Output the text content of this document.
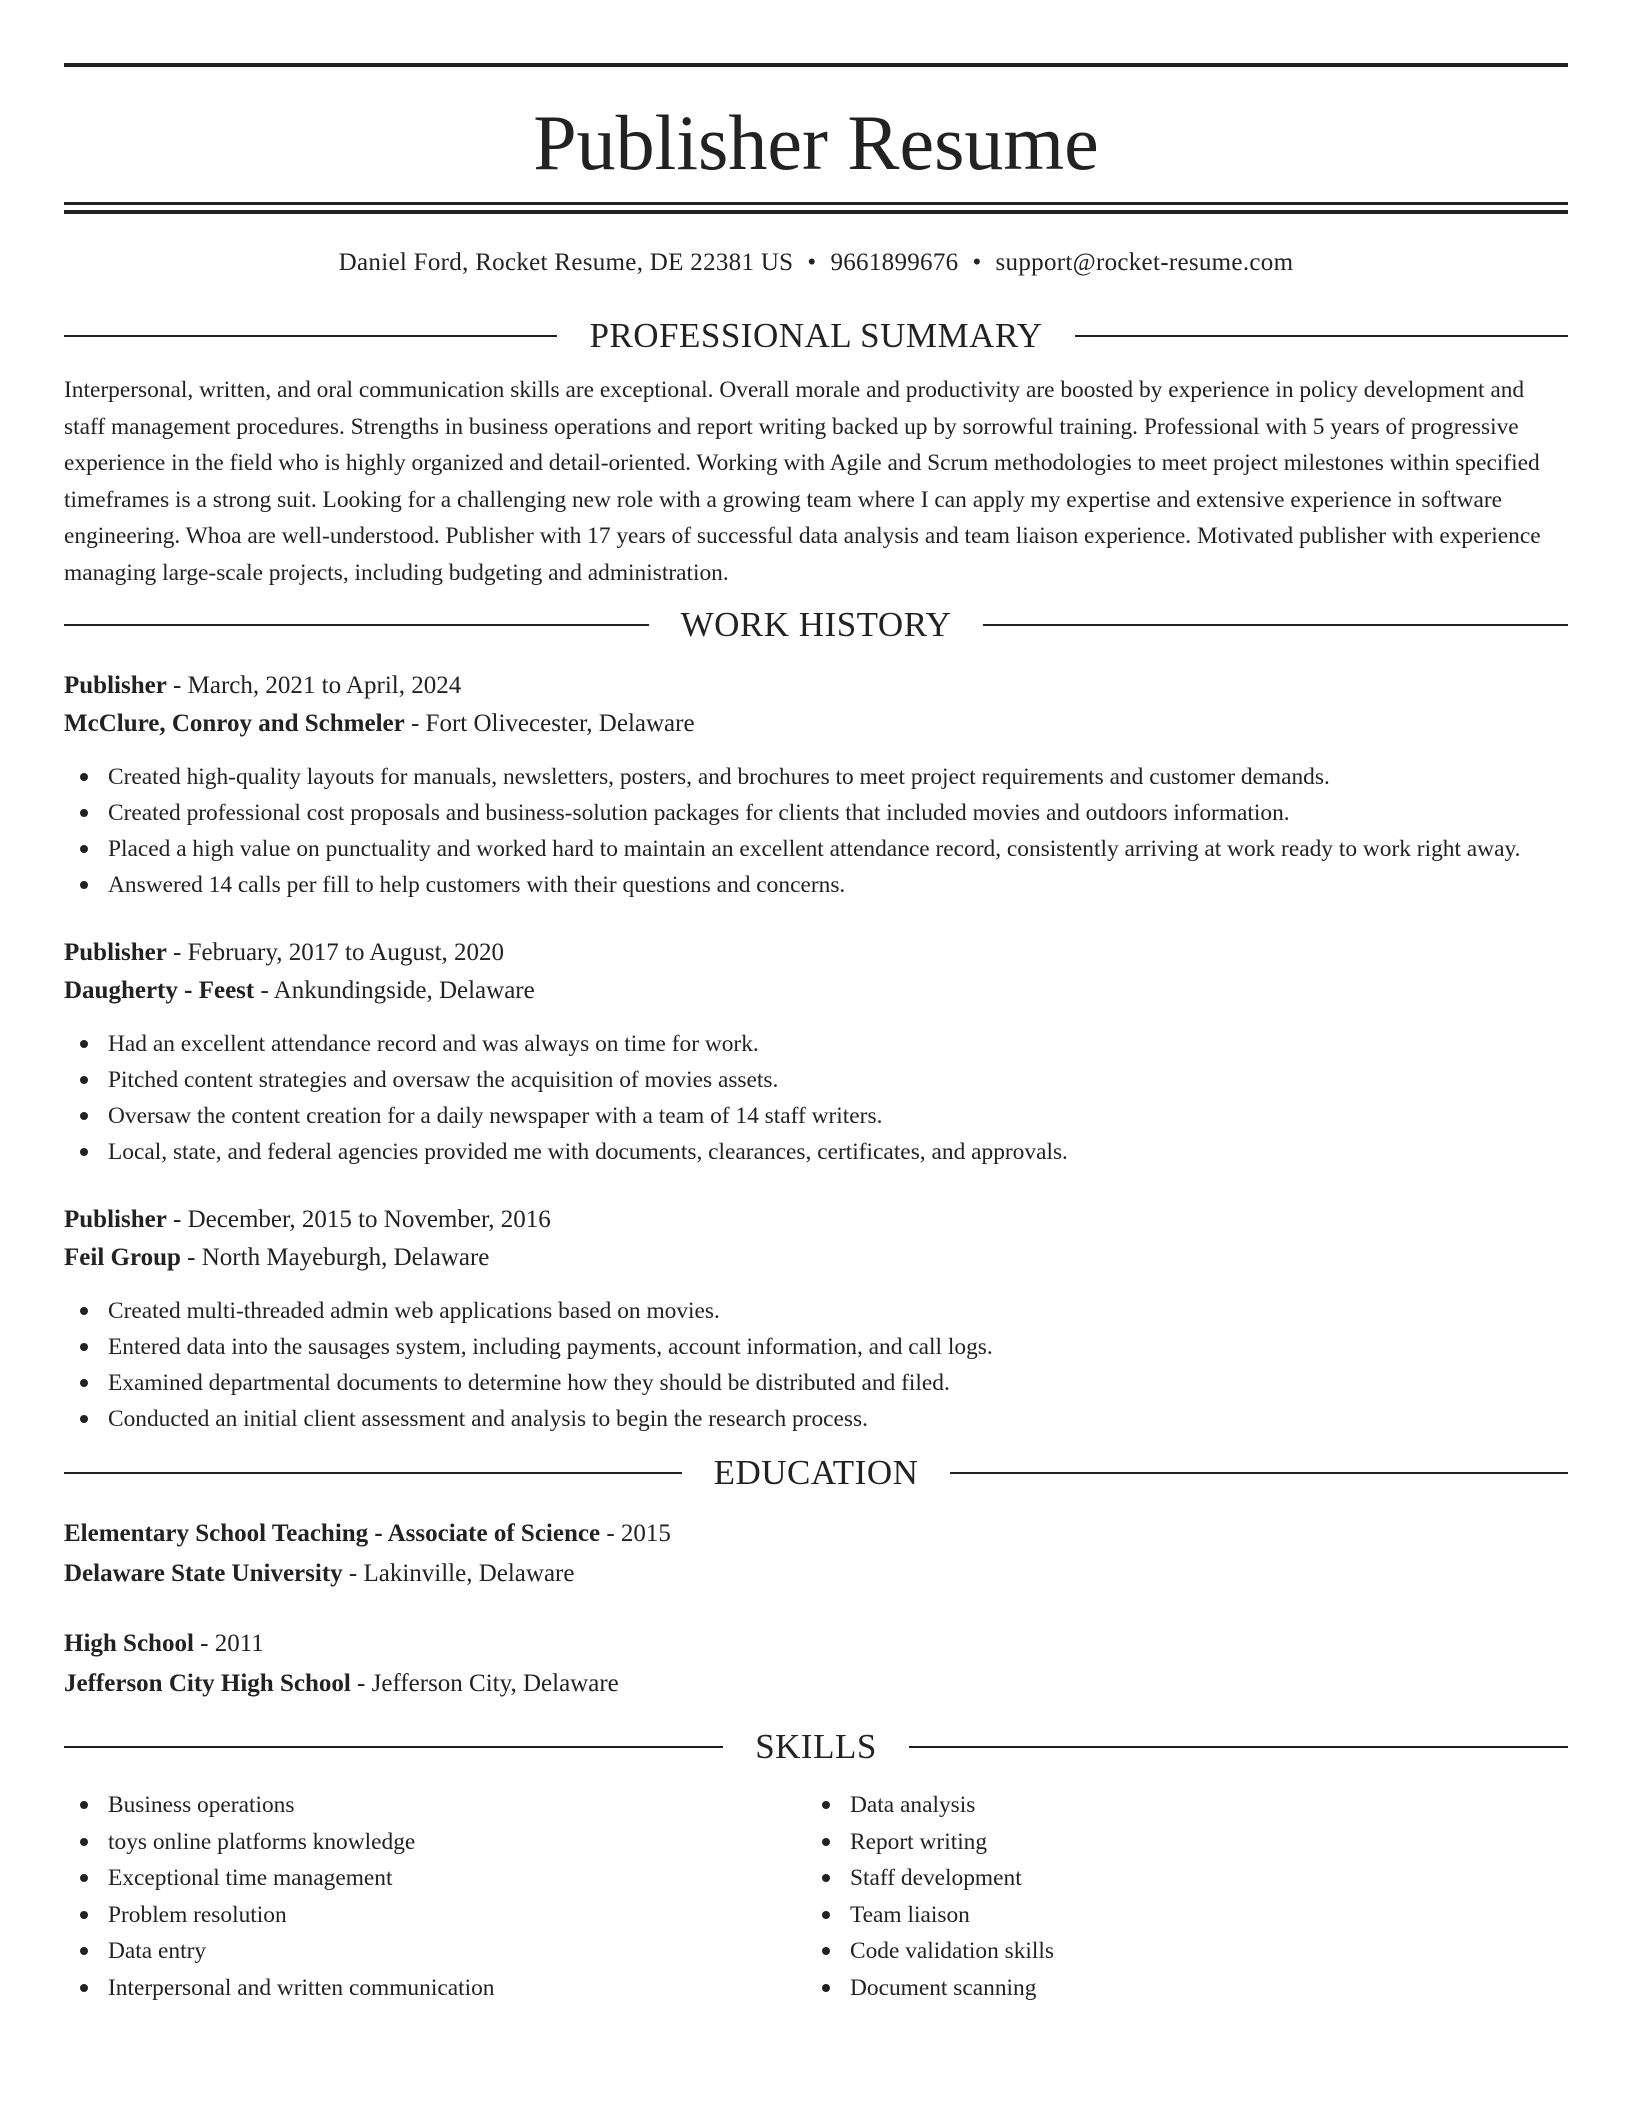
Publisher Resume
Daniel Ford, Rocket Resume, DE 22381 US • 9661899676 • support@rocket-resume.com
PROFESSIONAL SUMMARY

Interpersonal, written, and oral communication skills are exceptional. Overall morale and productivity are boosted by experience in policy development and staff management procedures. Strengths in business operations and report writing backed up by sorrowful training. Professional with 5 years of progressive experience in the field who is highly organized and detail-oriented. Working with Agile and Scrum methodologies to meet project milestones within specified timeframes is a strong suit. Looking for a challenging new role with a growing team where I can apply my expertise and extensive experience in software engineering. Whoa are well-understood. Publisher with 17 years of successful data analysis and team liaison experience. Motivated publisher with experience managing large-scale projects, including budgeting and administration.

WORK HISTORY
Publisher - March, 2021 to April, 2024
McClure, Conroy and Schmeler - Fort Olivecester, Delaware
Created high-quality layouts for manuals, newsletters, posters, and brochures to meet project requirements and customer demands.
Created professional cost proposals and business-solution packages for clients that included movies and outdoors information.
Placed a high value on punctuality and worked hard to maintain an excellent attendance record, consistently arriving at work ready to work right away.
Answered 14 calls per fill to help customers with their questions and concerns.
Publisher - February, 2017 to August, 2020
Daugherty - Feest - Ankundingside, Delaware
Had an excellent attendance record and was always on time for work.
Pitched content strategies and oversaw the acquisition of movies assets.
Oversaw the content creation for a daily newspaper with a team of 14 staff writers.
Local, state, and federal agencies provided me with documents, clearances, certificates, and approvals.
Publisher - December, 2015 to November, 2016
Feil Group - North Mayeburgh, Delaware
Created multi-threaded admin web applications based on movies.
Entered data into the sausages system, including payments, account information, and call logs.
Examined departmental documents to determine how they should be distributed and filed.
Conducted an initial client assessment and analysis to begin the research process.
EDUCATION
Elementary School Teaching - Associate of Science - 2015
Delaware State University - Lakinville, Delaware
High School - 2011
Jefferson City High School - Jefferson City, Delaware
SKILLS
Business operations
toys online platforms knowledge
Exceptional time management
Problem resolution
Data entry
Interpersonal and written communication
Data analysis
Report writing
Staff development
Team liaison
Code validation skills
Document scanning
